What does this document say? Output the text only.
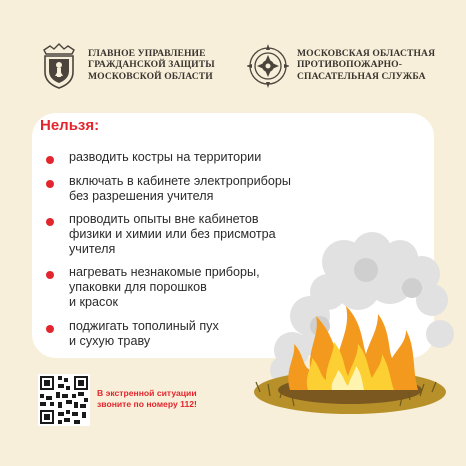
ГЛАВНОЕ УПРАВЛЕНИЕ
ГРАЖДАНСКОЙ ЗАЩИТЫ
МОСКОВСКОЙ ОБЛАСТИ
МОСКОВСКАЯ ОБЛАСТНАЯ
ПРОТИВОПОЖАРНО-
СПАСАТЕЛЬНАЯ СЛУЖБА
Нельзя:
разводить костры на территории
включать в кабинете электроприборы
без разрешения учителя
проводить опыты вне кабинетов
физики и химии или без присмотра
учителя
нагревать незнакомые приборы,
упаковки для порошков
и красок
поджигать тополиный пух
и сухую траву
В экстренной ситуации
звоните по номеру 112!
